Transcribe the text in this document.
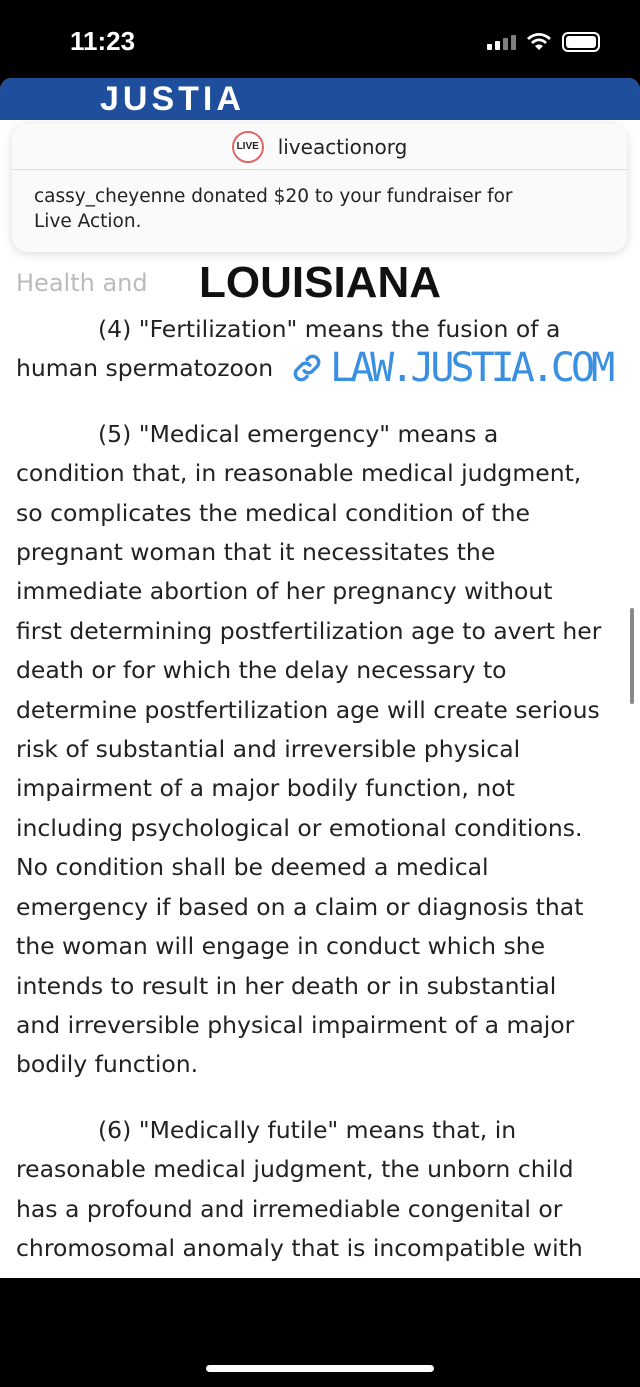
11:23
JUSTIA
Health and	LOUISIANA

(4) "Fertilization" means the fusion of a

human spermatozoon

(5) "Medical emergency" means a

condition that, in reasonable medical judgment,

so complicates the medical condition of the

pregnant woman that it necessitates the

immediate abortion of her pregnancy without

first determining postfertilization age to avert her

death or for which the delay necessary to

determine postfertilization age will create serious

risk of substantial and irreversible physical

impairment of a major bodily function, not

including psychological or emotional conditions.

No condition shall be deemed a medical

emergency if based on a claim or diagnosis that

the woman will engage in conduct which she

intends to result in her death or in substantial

and irreversible physical impairment of a major

bodily function.

(6) "Medically futile" means that, in

reasonable medical judgment, the unborn child

has a profound and irremediable congenital or

chromosomal anomaly that is incompatible with

LAW.JUSTIA.COM
LIVE liveactionorg
cassy_cheyenne donated $20 to your fundraiser for Live Action.
